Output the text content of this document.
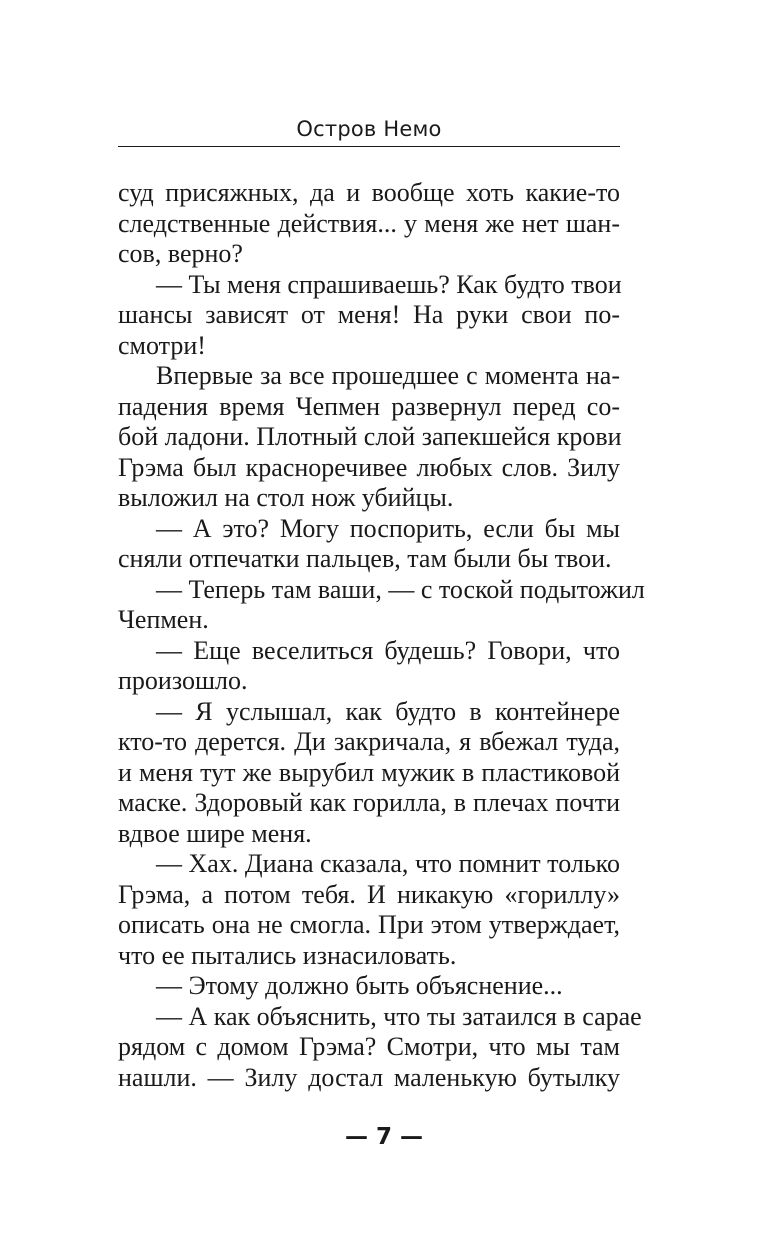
Остров Немо
суд присяжных, да и вообще хоть какие-то
следственные действия... у меня же нет шан-
сов, верно?
— Ты меня спрашиваешь? Как будто твои
шансы зависят от меня! На руки свои по-
смотри!
Впервые за все прошедшее с момента на-
падения время Чепмен развернул перед со-
бой ладони. Плотный слой запекшейся крови
Грэма был красноречивее любых слов. Зилу
выложил на стол нож убийцы.
— А это? Могу поспорить, если бы мы
сняли отпечатки пальцев, там были бы твои.
— Теперь там ваши, — с тоской подытожил
Чепмен.
— Еще веселиться будешь? Говори, что
произошло.
— Я услышал, как будто в контейнере
кто-то дерется. Ди закричала, я вбежал туда,
и меня тут же вырубил мужик в пластиковой
маске. Здоровый как горилла, в плечах почти
вдвое шире меня.
— Хах. Диана сказала, что помнит только
Грэма, а потом тебя. И никакую «гориллу»
описать она не смогла. При этом утверждает,
что ее пытались изнасиловать.
— Этому должно быть объяснение...
— А как объяснить, что ты затаился в сарае
рядом с домом Грэма? Смотри, что мы там
нашли. — Зилу достал маленькую бутылку
— 7 —
